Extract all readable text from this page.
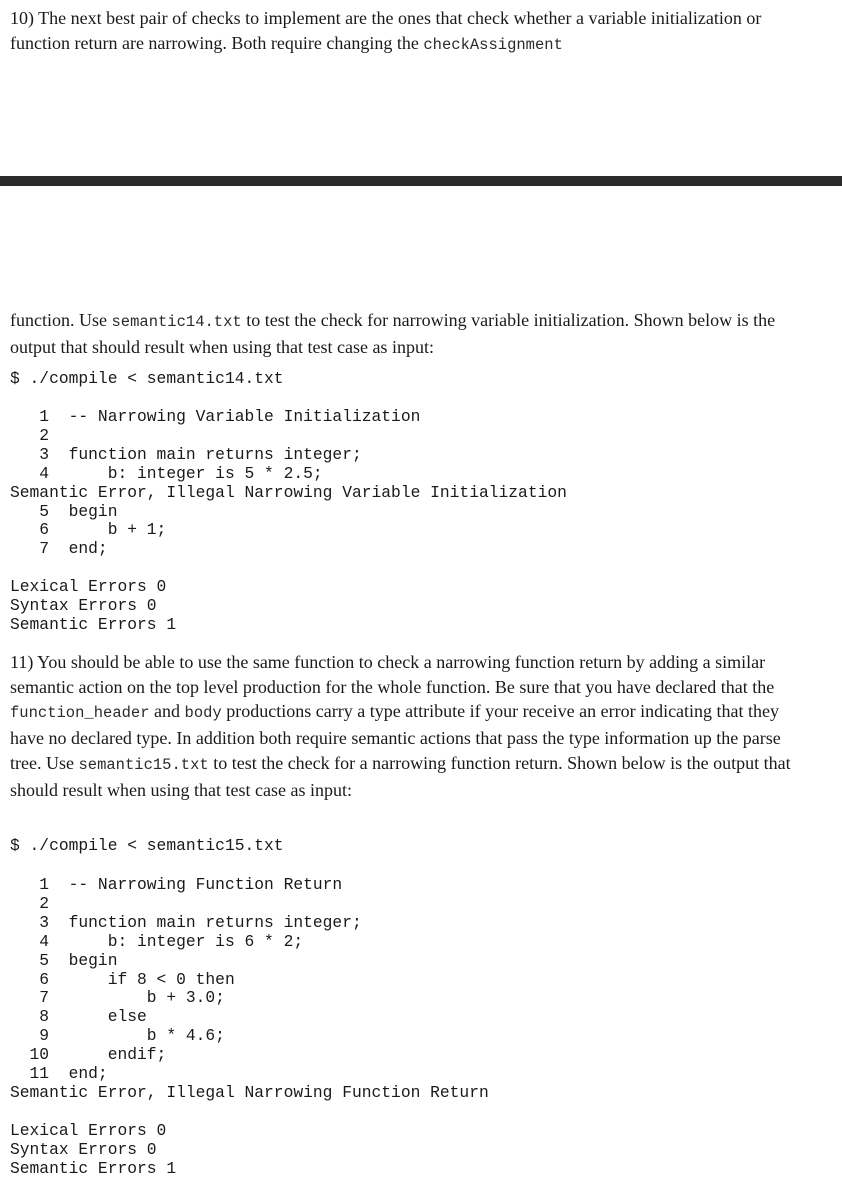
10) The next best pair of checks to implement are the ones that check whether a variable initialization or function return are narrowing. Both require changing the checkAssignment

function. Use semantic14.txt to test the check for narrowing variable initialization. Shown below is the output that should result when using that test case as input:

$ ./compile < semantic14.txt
1  -- Narrowing Variable Initialization
2
3  function main returns integer;
4      b: integer is 5 * 2.5;
Semantic Error, Illegal Narrowing Variable Initialization
5  begin
6      b + 1;
7  end;

Lexical Errors 0
Syntax Errors 0
Semantic Errors 1

11) You should be able to use the same function to check a narrowing function return by adding a similar semantic action on the top level production for the whole function. Be sure that you have declared that the function_header and body productions carry a type attribute if your receive an error indicating that they have no declared type. In addition both require semantic actions that pass the type information up the parse tree. Use semantic15.txt to test the check for a narrowing function return. Shown below is the output that should result when using that test case as input:

$ ./compile < semantic15.txt
1  -- Narrowing Function Return
2
3  function main returns integer;
4      b: integer is 6 * 2;
5  begin
6      if 8 < 0 then
7          b + 3.0;
8      else
9          b * 4.6;
10      endif;
11  end;
Semantic Error, Illegal Narrowing Function Return

Lexical Errors 0
Syntax Errors 0
Semantic Errors 1
